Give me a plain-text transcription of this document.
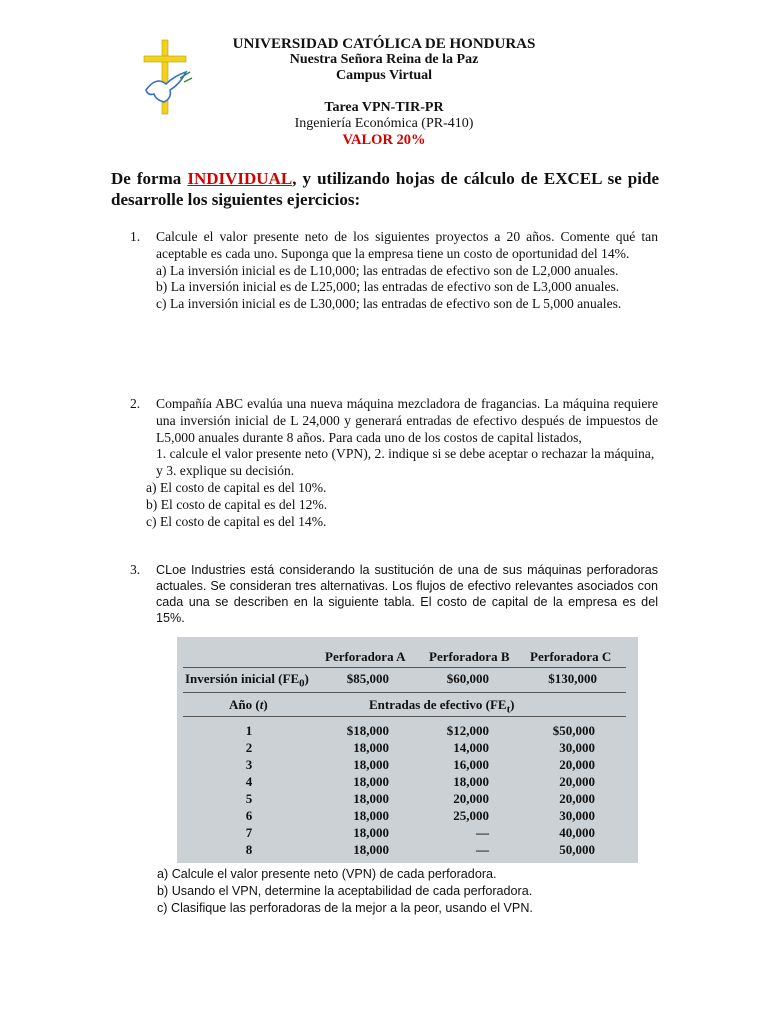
UNIVERSIDAD CATÓLICA DE HONDURAS
Nuestra Señora Reina de la Paz
Campus Virtual
Tarea VPN-TIR-PR
Ingeniería Económica (PR-410)
VALOR 20%
De forma INDIVIDUAL, y utilizando hojas de cálculo de EXCEL se pide desarrolle los siguientes ejercicios:
1. Calcule el valor presente neto de los siguientes proyectos a 20 años. Comente qué tan aceptable es cada uno. Suponga que la empresa tiene un costo de oportunidad del 14%.

a) La inversión inicial es de L10,000; las entradas de efectivo son de L2,000 anuales.

b) La inversión inicial es de L25,000; las entradas de efectivo son de L3,000 anuales.

c) La inversión inicial es de L30,000; las entradas de efectivo son de L 5,000 anuales.

2. Compañía ABC evalúa una nueva máquina mezcladora de fragancias. La máquina requiere una inversión inicial de L 24,000 y generará entradas de efectivo después de impuestos de L5,000 anuales durante 8 años. Para cada uno de los costos de capital listados,

1. calcule el valor presente neto (VPN), 2. indique si se debe aceptar o rechazar la máquina, y 3. explique su decisión.

a) El costo de capital es del 10%.

b) El costo de capital es del 12%.

c) El costo de capital es del 14%.

3. CLoe Industries está considerando la sustitución de una de sus máquinas perforadoras actuales. Se consideran tres alternativas. Los flujos de efectivo relevantes asociados con cada una se describen en la siguiente tabla. El costo de capital de la empresa es del 15%.

Perforadora A Perforadora B Perforadora C
Inversión inicial $(FE_0)$	$85,000	$60,000	$130,000
Año (t)	Entradas de efectivo $(FE_t)$
1	$18,000	$12,000	$50,000
2	18,000	14,000	30,000
3	18,000	16,000	20,000
4	18,000	18,000	20,000
5	18,000	20,000	20,000
6	18,000	25,000	30,000
7	18,000	—	40,000
8	18,000	—	50,000
a) Calcule el valor presente neto (VPN) de cada perforadora.
b) Usando el VPN, determine la aceptabilidad de cada perforadora.
c) Clasifique las perforadoras de la mejor a la peor, usando el VPN.
